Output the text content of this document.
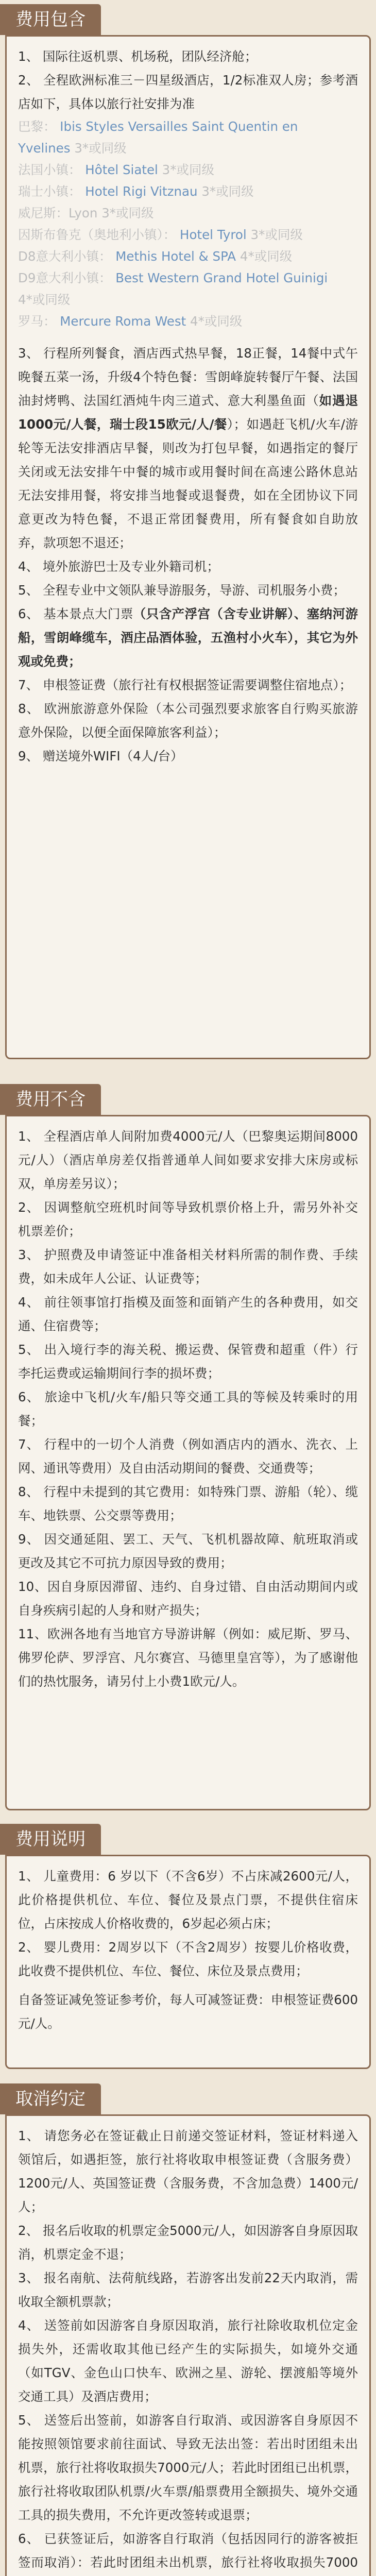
费用包含

1、 国际往返机票、机场税，团队经济舱；

2、 全程欧洲标准三－四星级酒店，1/2标准双人房；参考酒店如下，具体以旅行社安排为准

巴黎： Ibis Styles Versailles Saint Quentin en

Yvelines 3*或同级

法国小镇： Hôtel Siatel 3*或同级

瑞士小镇： Hotel Rigi Vitznau 3*或同级

威尼斯：Lyon 3*或同级

因斯布鲁克（奥地利小镇）： Hotel Tyrol 3*或同级

D8意大利小镇： Methis Hotel & SPA 4*或同级

D9意大利小镇： Best Western Grand Hotel Guinigi

4*或同级

罗马： Mercure Roma West 4*或同级

3、 行程所列餐食，酒店西式热早餐，18正餐，14餐中式午晚餐五菜一汤，升级4个特色餐：雪朗峰旋转餐厅午餐、法国油封烤鸭、法国红酒炖牛肉三道式、意大利墨鱼面（如遇退1000元/人餐，瑞士段15欧元/人/餐）；如遇赶飞机/火车/游轮等无法安排酒店早餐，则改为打包早餐，如遇指定的餐厅关闭或无法安排午中餐的城市或用餐时间在高速公路休息站无法安排用餐，将安排当地餐或退餐费，如在全团协议下同意更改为特色餐，不退正常团餐费用，所有餐食如自助放弃，款项恕不退还；

4、 境外旅游巴士及专业外籍司机；

5、 全程专业中文领队兼导游服务，导游、司机服务小费；

6、 基本景点大门票（只含产浮宫（含专业讲解）、塞纳河游船，雪朗峰缆车，酒庄品酒体验，五渔村小火车），其它为外观或免费；

7、 申根签证费（旅行社有权根据签证需要调整住宿地点）；

8、 欧洲旅游意外保险（本公司强烈要求旅客自行购买旅游意外保险，以便全面保障旅客利益）；

9、 赠送境外WIFI（4人/台）

费用不含

1、 全程酒店单人间附加费4000元/人（巴黎奥运期间8000元/人）（酒店单房差仅指普通单人间如要求安排大床房或标双，单房差另议）；

2、 因调整航空班机时间等导致机票价格上升，需另外补交机票差价；

3、 护照费及申请签证中准备相关材料所需的制作费、手续费，如未成年人公证、认证费等；

4、 前往领事馆打指模及面签和面销产生的各种费用，如交通、住宿费等；

5、 出入境行李的海关税、搬运费、保管费和超重（件）行李托运费或运输期间行李的损坏费；

6、 旅途中飞机/火车/船只等交通工具的等候及转乘时的用餐；

7、 行程中的一切个人消费（例如酒店内的酒水、洗衣、上网、通讯等费用）及自由活动期间的餐费、交通费等；

8、 行程中未提到的其它费用：如特殊门票、游船（轮）、缆车、地铁票、公交票等费用；

9、 因交通延阻、罢工、天气、飞机机器故障、航班取消或更改及其它不可抗力原因导致的费用；

10、因自身原因滞留、违约、自身过错、自由活动期间内或自身疾病引起的人身和财产损失；

11、欧洲各地有当地官方导游讲解（例如：威尼斯、罗马、佛罗伦萨、罗浮宫、凡尔赛宫、马德里皇宫等），为了感谢他们的热忱服务，请另付上小费1欧元/人。

费用说明

1、 儿童费用：6 岁以下（不含6岁）不占床减2600元/人，此价格提供机位、车位、餐位及景点门票，不提供住宿床位，占床按成人价格收费的，6岁起必须占床；

2、 婴儿费用：2周岁以下（不含2周岁）按婴儿价格收费，此收费不提供机位、车位、餐位、床位及景点费用；

自备签证减免签证参考价，每人可减签证费：申根签证费600元/人。

取消约定

1、 请您务必在签证截止日前递交签证材料，签证材料递入领馆后，如遇拒签，旅行社将收取申根签证费（含服务费）1200元/人、英国签证费（含服务费，不含加急费）1400元/人；

2、 报名后收取的机票定金5000元/人，如因游客自身原因取消，机票定金不退；

3、 报名南航、法荷航线路，若游客出发前22天内取消，需收取全额机票款；

4、 送签前如因游客自身原因取消，旅行社除收取机位定金损失外，还需收取其他已经产生的实际损失，如境外交通（如TGV、金色山口快车、欧洲之星、游轮、摆渡船等境外交通工具）及酒店费用；

5、 送签后出签前，如游客自行取消、或因游客自身原因不能按照领馆要求前往面试、导致无法出签：若出时团组未出机票，旅行社将收取损失7000元/人；若此时团组已出机票，旅行社将收取团队机票/火车票/船票费用全额损失、境外交通工具的损失费用，不允许更改签转或退票；

6、 已获签证后，如游客自行取消（包括因同行的游客被拒签而取消）：若此时团组未出机票，旅行社将收取损失7000
